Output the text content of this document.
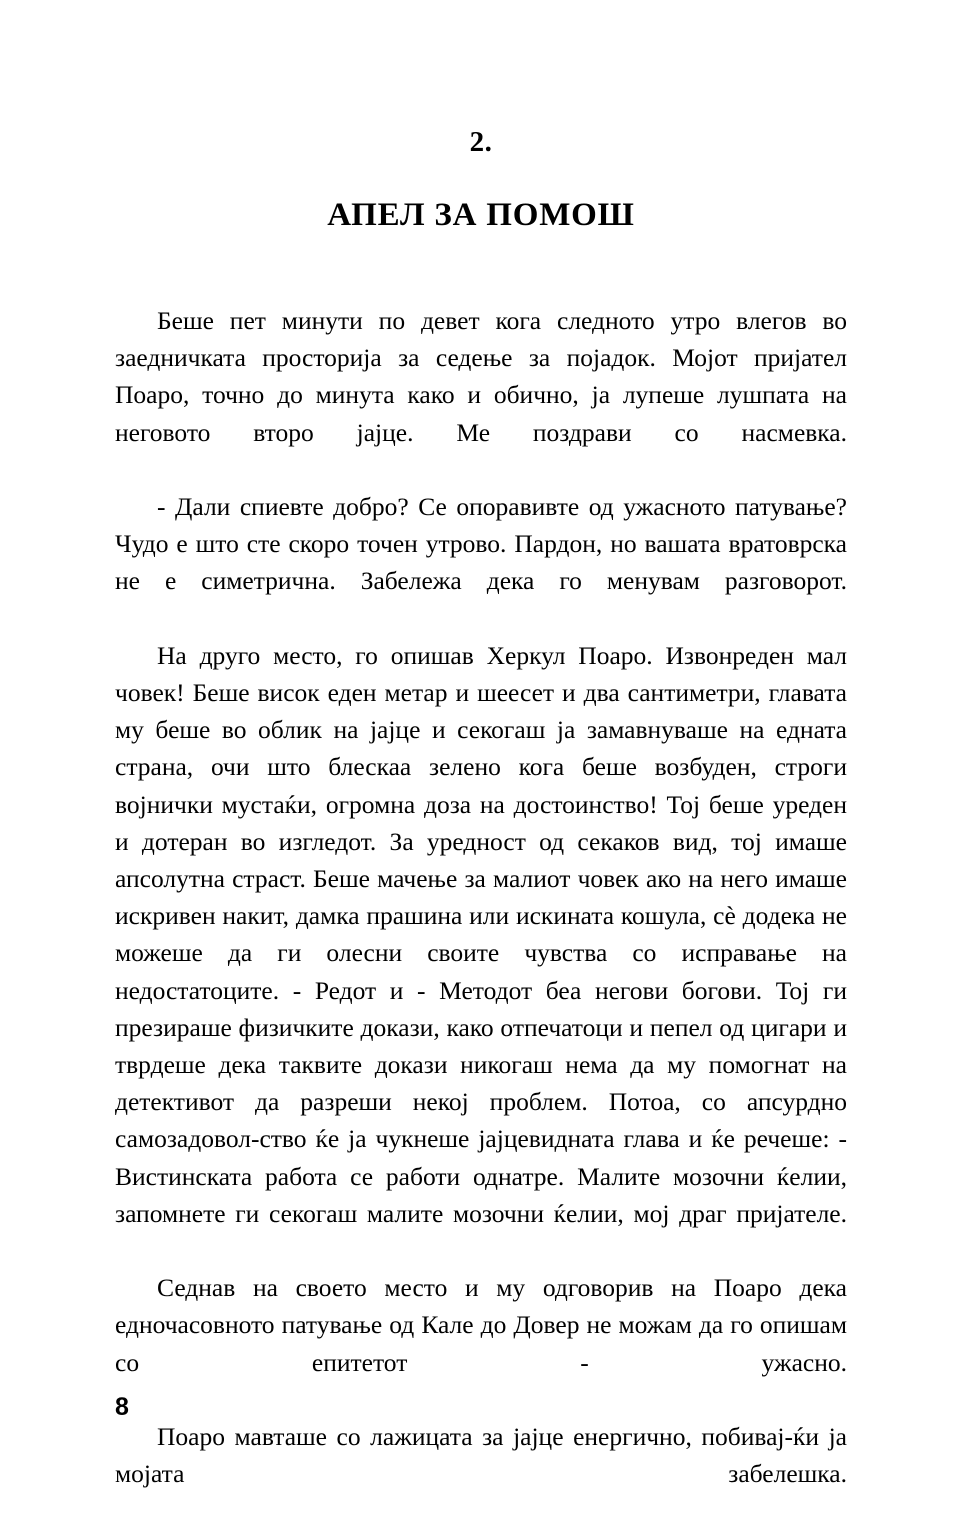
2.
АПЕЛ ЗА ПОМОШ

Беше пет минути по девет кога следното утро влегов во заедничката просторија за седење за појадок. Мојот пријател Поаро, точно до минута како и обично, ја лупеше лушпата на неговото второ јајце. Ме поздрави со насмевка.

- Дали спиевте добро? Се опоравивте од ужасното патување? Чудо е што сте скоро точен утрово. Пардон, но вашата вратоврска не е симетрична. Забележа дека го менувам разговорот.

На друго место, го опишав Херкул Поаро. Извонреден мал човек! Беше висок еден метар и шеесет и два сантиметри, главата му беше во облик на јајце и секогаш ја замавнуваше на едната страна, очи што блескаа зелено кога беше возбуден, строги војнички мустаќи, огромна доза на достоинство! Тој беше уреден и дотеран во изгледот. За уредност од секаков вид, тој имаше апсолутна страст. Беше мачење за малиот човек ако на него имаше искривен накит, дамка прашина или искината кошула, сѐ додека не можеше да ги олесни своите чувства со исправање на недостатоците. - Редот и - Методот беа негови богови. Тој ги презираше физичките докази, како отпечатоци и пепел од цигари и тврдеше дека таквите докази никогаш нема да му помогнат на детективот да разреши некој проблем. Потоа, со апсурдно самозадовол-ство ќе ја чукнеше јајцевидната глава и ќе речеше: - Вистинската работа се работи однатре. Малите мозочни ќелии, запомнете ги секогаш малите мозочни ќелии, мој драг пријателе.

Седнав на своето место и му одговорив на Поаро дека едночасовното патување од Кале до Довер не можам да го опишам со епитетот - ужасно.

Поаро мавташе со лажицата за јајце енергично, побивај-ќи ја мојата забелешка.

8
